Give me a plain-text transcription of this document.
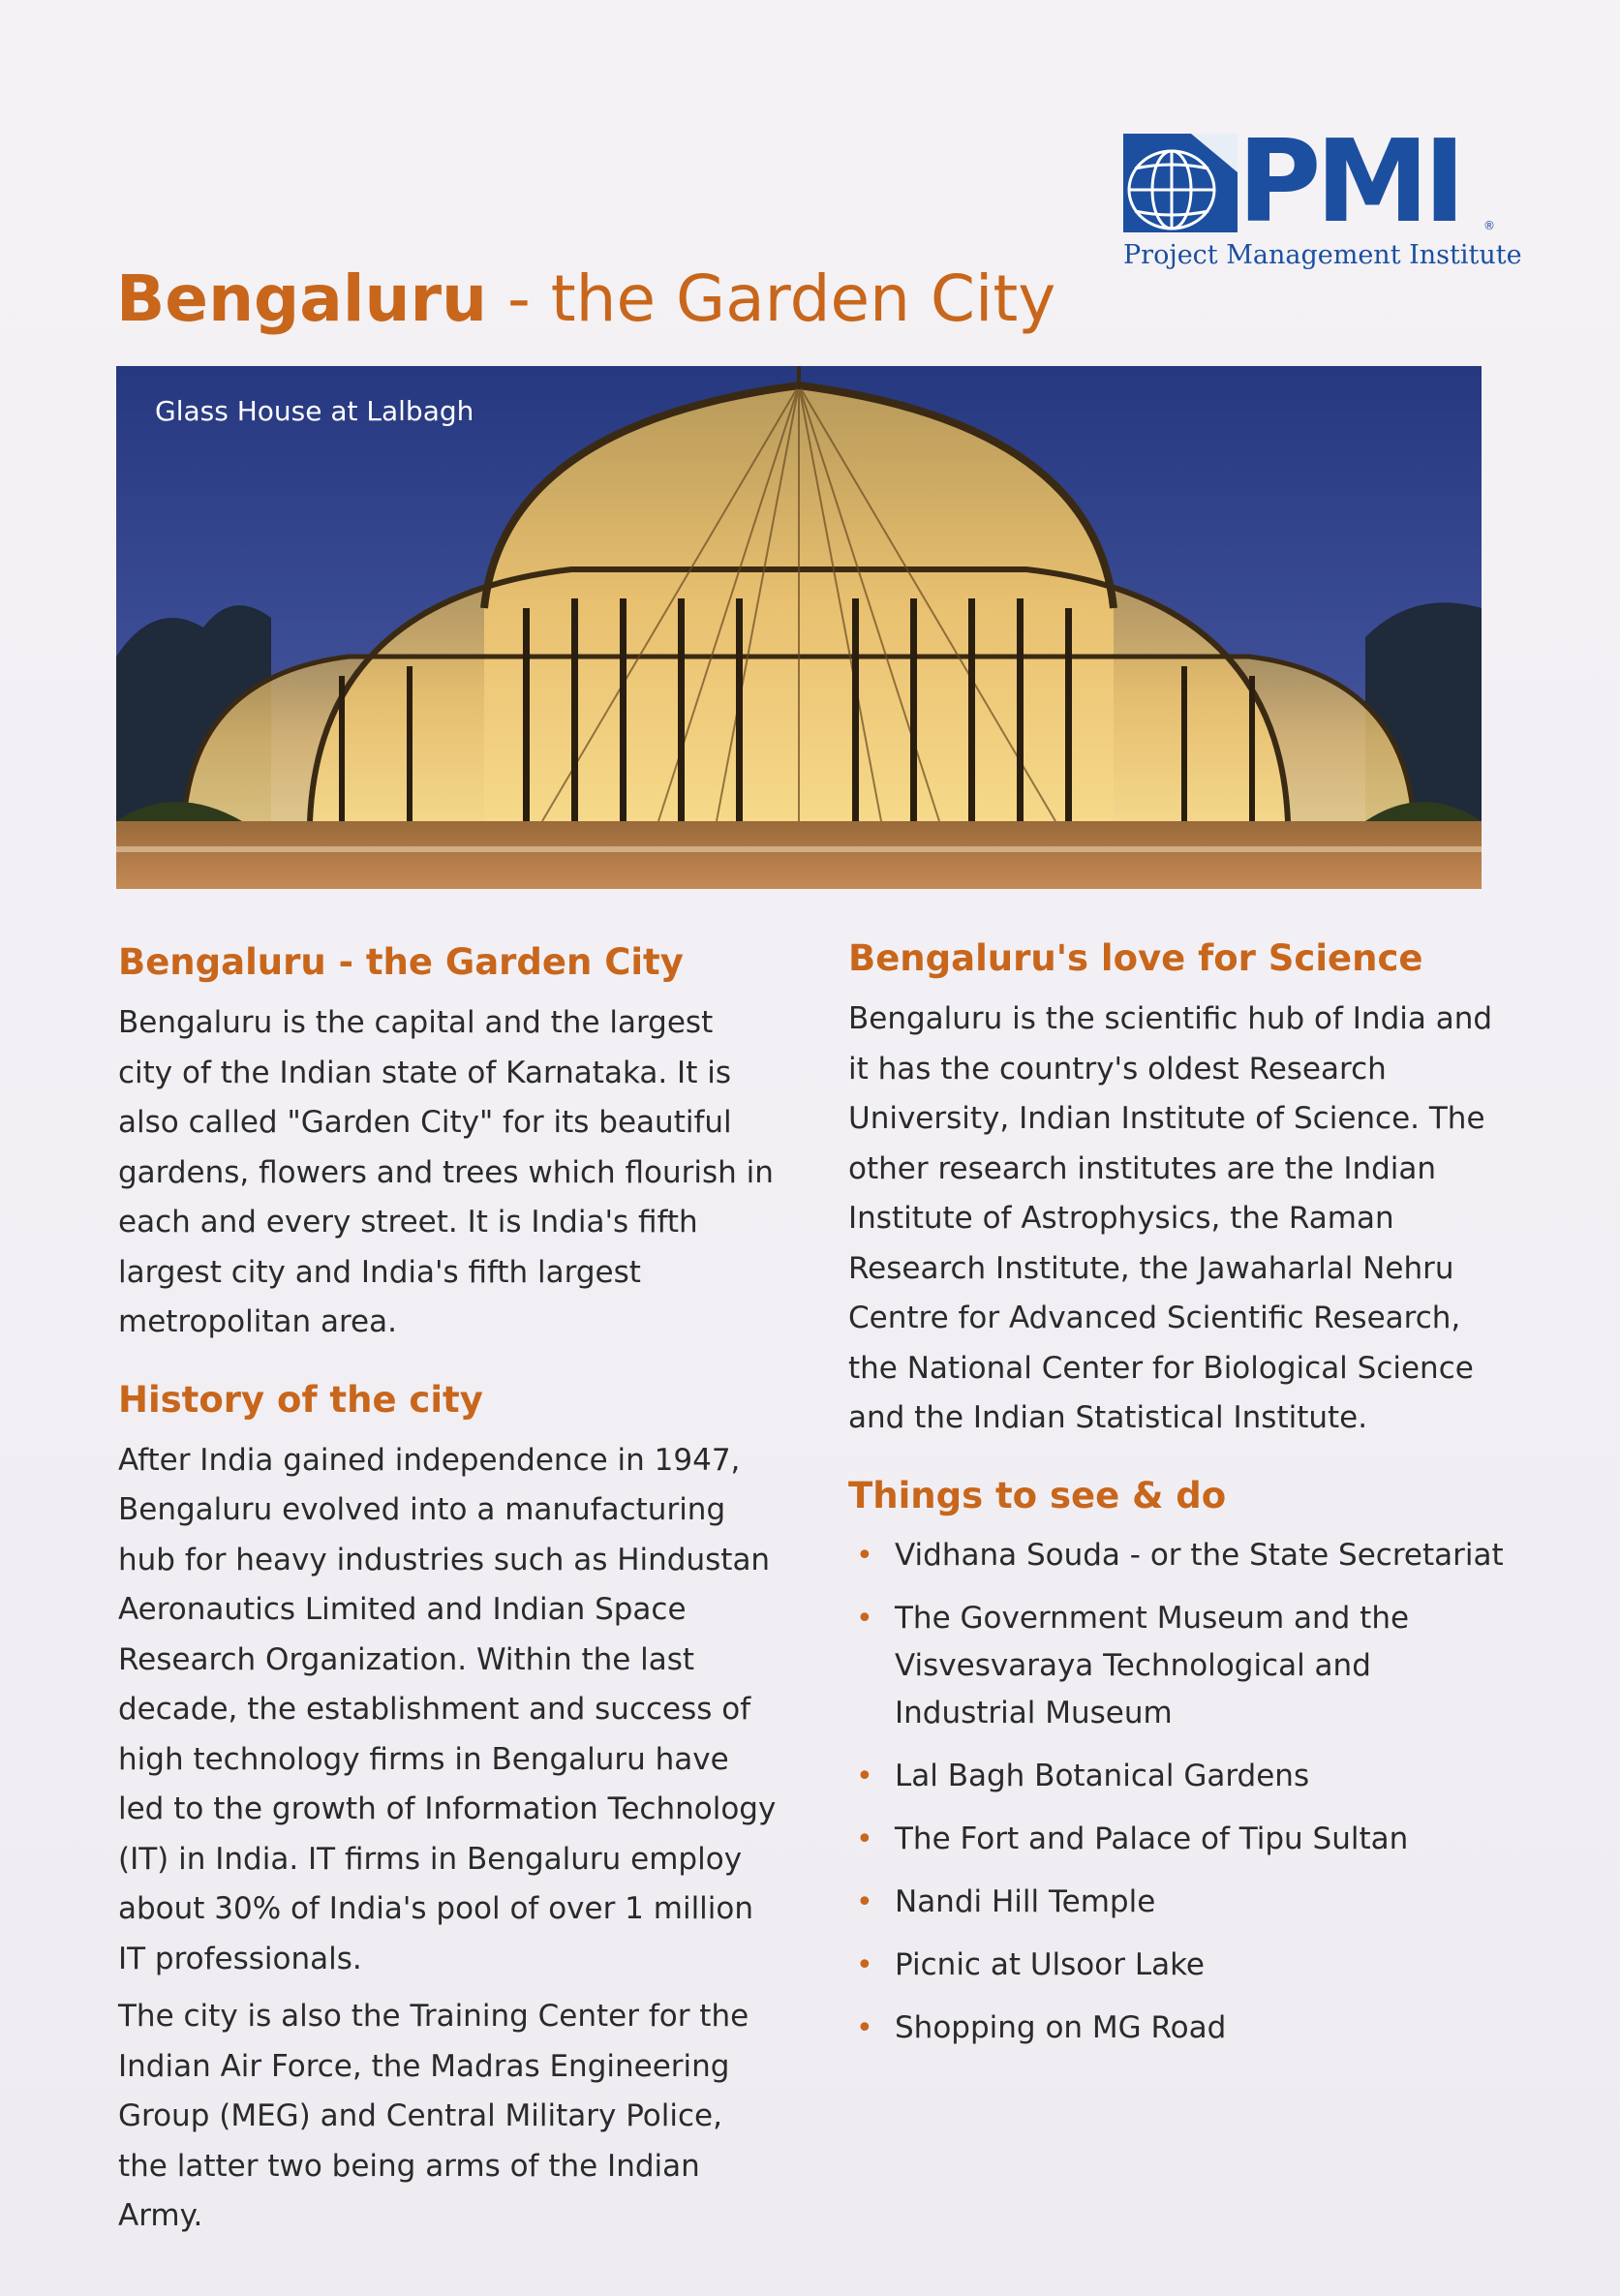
PMI ®
Project Management Institute
Bengaluru - the Garden City
Glass House at Lalbagh
Bengaluru - the Garden City

Bengaluru is the capital and the largest city of the Indian state of Karnataka. It is also called "Garden City" for its beautiful gardens, flowers and trees which flourish in each and every street. It is India's fifth largest city and India's fifth largest metropolitan area.

History of the city

After India gained independence in 1947, Bengaluru evolved into a manufacturing hub for heavy industries such as Hindustan Aeronautics Limited and Indian Space Research Organization. Within the last decade, the establishment and success of high technology firms in Bengaluru have led to the growth of Information Technology (IT) in India. IT firms in Bengaluru employ about 30% of India's pool of over 1 million IT professionals.

The city is also the Training Center for the Indian Air Force, the Madras Engineering Group (MEG) and Central Military Police, the latter two being arms of the Indian Army.

Bengaluru's love for Science

Bengaluru is the scientific hub of India and it has the country's oldest Research University, Indian Institute of Science. The other research institutes are the Indian Institute of Astrophysics, the Raman Research Institute, the Jawaharlal Nehru Centre for Advanced Scientific Research, the National Center for Biological Science and the Indian Statistical Institute.

Things to see & do
• Vidhana Souda - or the State Secretariat
• The Government Museum and the Visvesvaraya Technological and Industrial Museum
• Lal Bagh Botanical Gardens
• The Fort and Palace of Tipu Sultan
• Nandi Hill Temple
• Picnic at Ulsoor Lake
• Shopping on MG Road
